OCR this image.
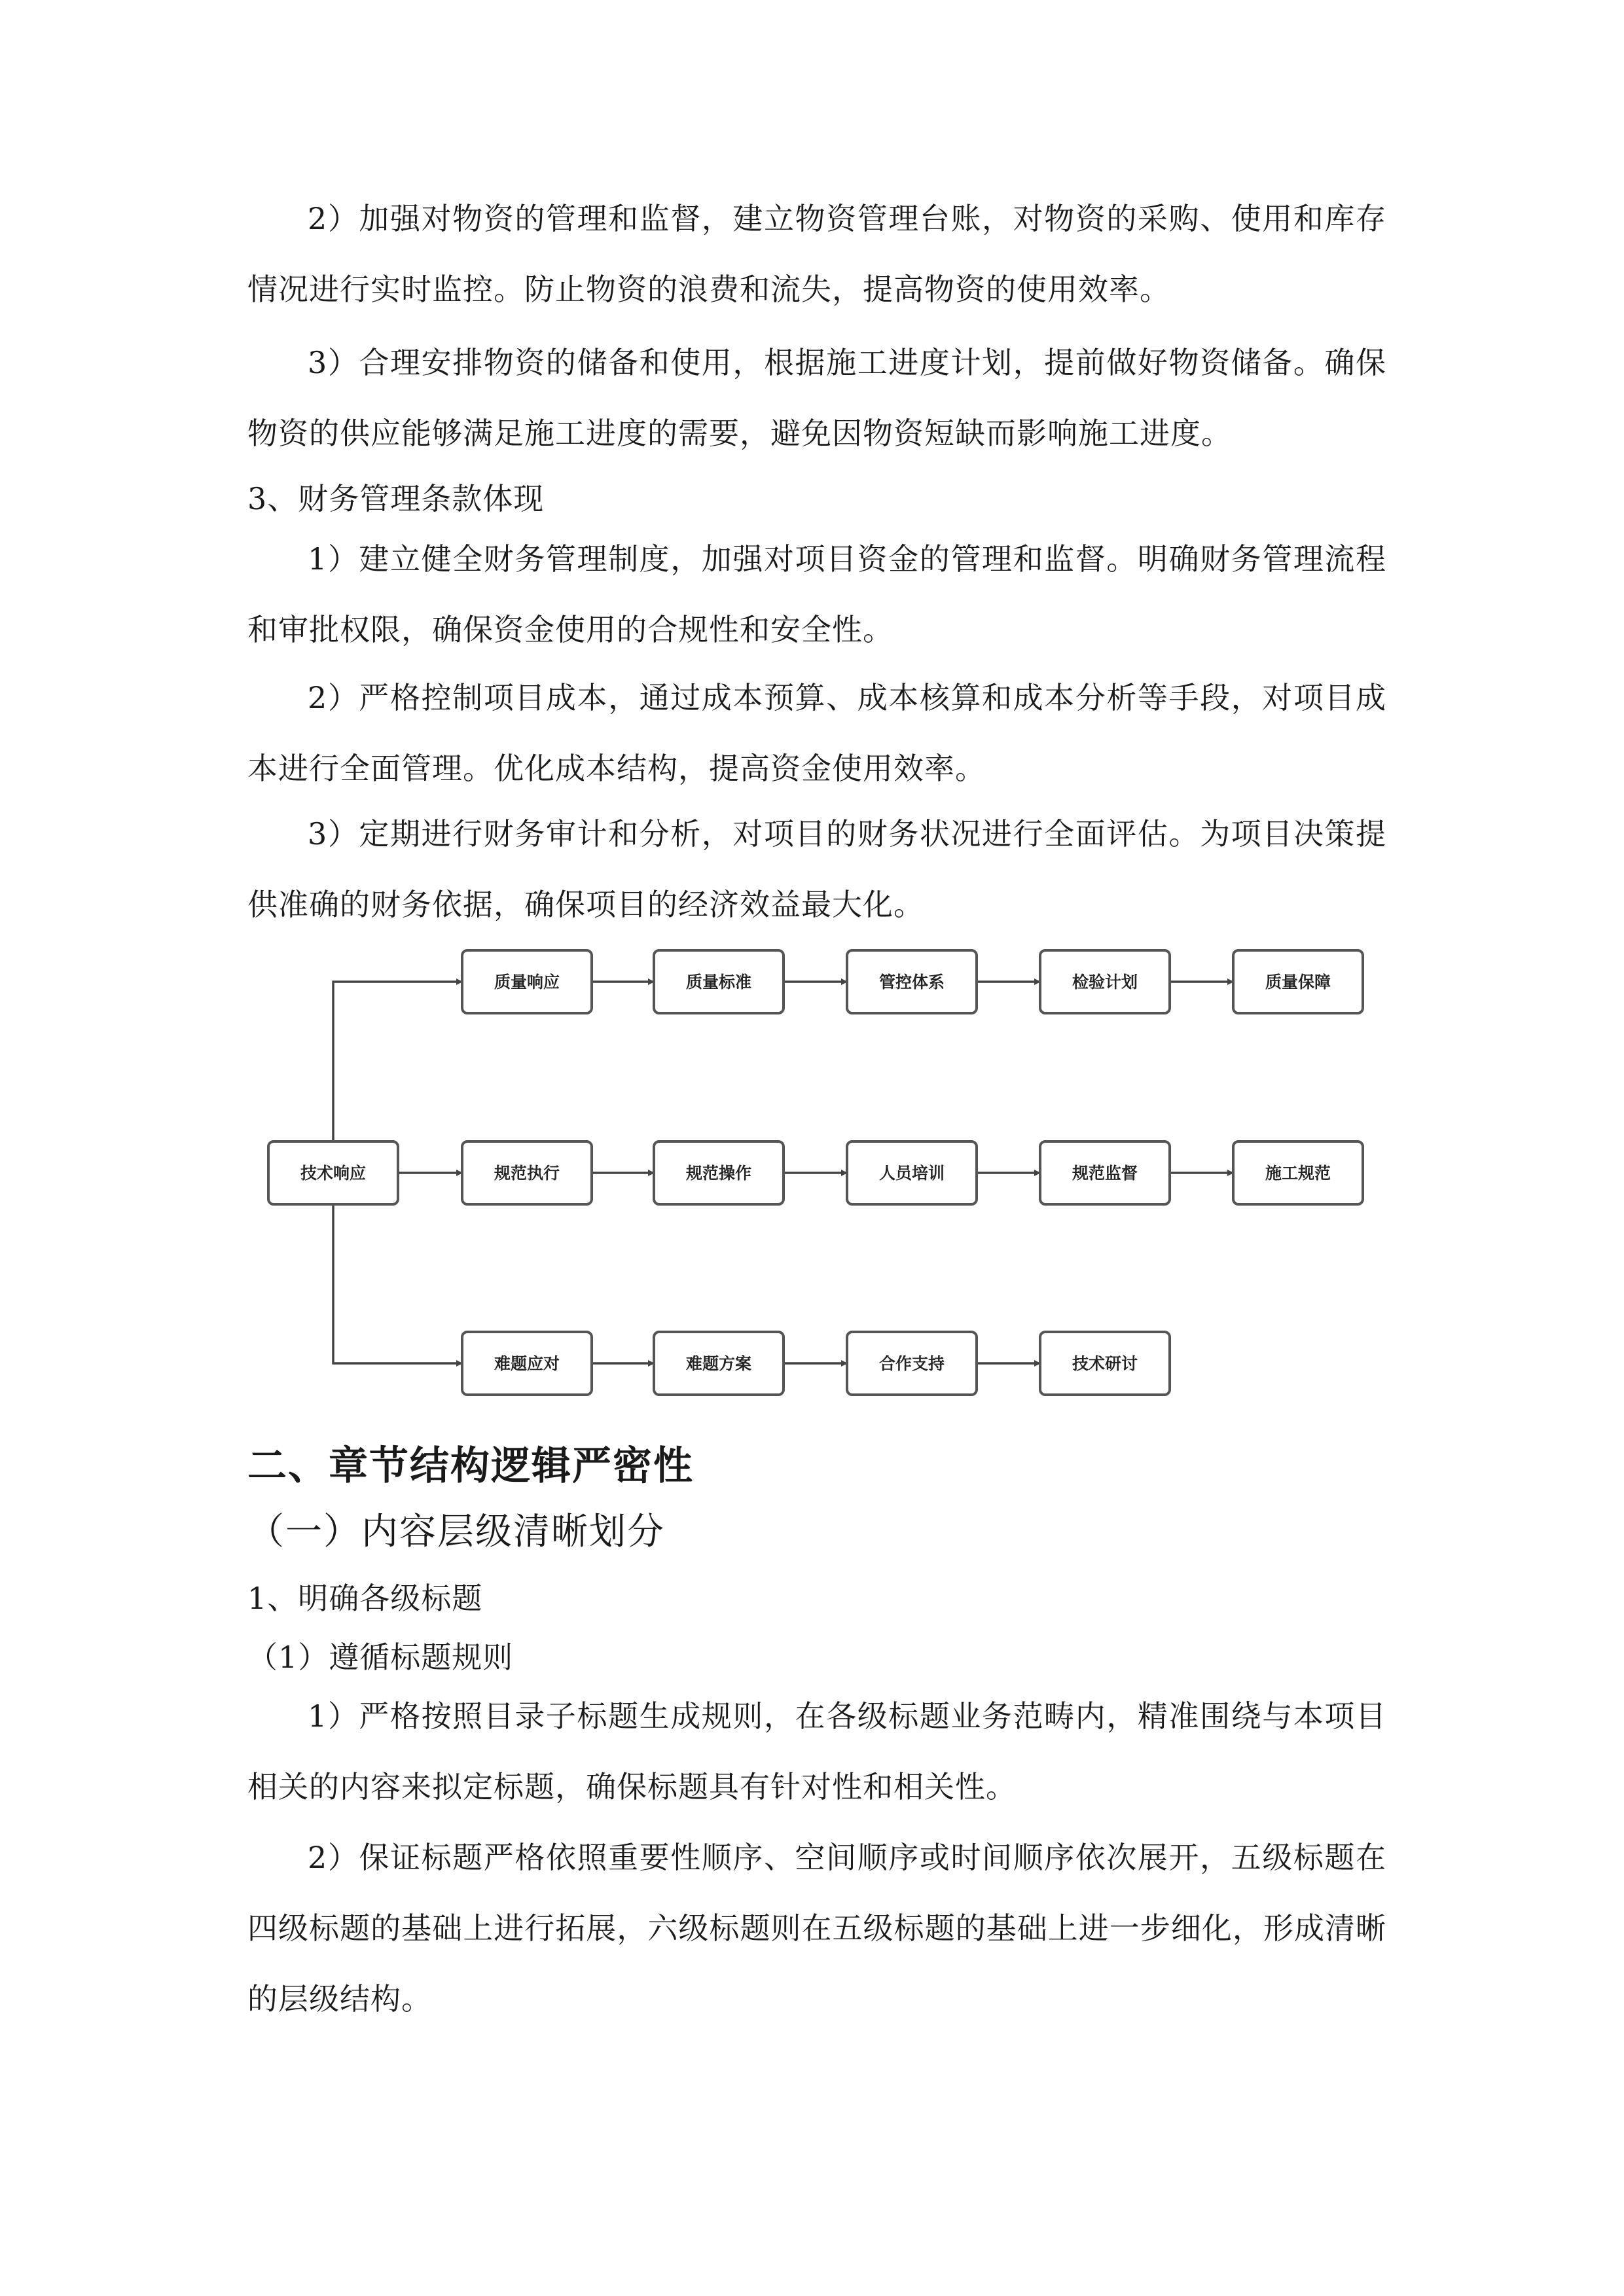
2）加强对物资的管理和监督，建立物资管理台账，对物资的采购、使用和库存情况进行实时监控。防止物资的浪费和流失，提高物资的使用效率。

3）合理安排物资的储备和使用，根据施工进度计划，提前做好物资储备。确保物资的供应能够满足施工进度的需要，避免因物资短缺而影响施工进度。

3、财务管理条款体现

1）建立健全财务管理制度，加强对项目资金的管理和监督。明确财务管理流程和审批权限，确保资金使用的合规性和安全性。

2）严格控制项目成本，通过成本预算、成本核算和成本分析等手段，对项目成本进行全面管理。优化成本结构，提高资金使用效率。

3）定期进行财务审计和分析，对项目的财务状况进行全面评估。为项目决策提供准确的财务依据，确保项目的经济效益最大化。

技术响应
质量响应	质量标准	管控体系	检验计划	质量保障
规范执行	规范操作	人员培训	规范监督	施工规范
难题应对	难题方案	合作支持	技术研讨
二、章节结构逻辑严密性
（一）内容层级清晰划分
1、明确各级标题
（1）遵循标题规则

1）严格按照目录子标题生成规则，在各级标题业务范畴内，精准围绕与本项目相关的内容来拟定标题，确保标题具有针对性和相关性。

2）保证标题严格依照重要性顺序、空间顺序或时间顺序依次展开，五级标题在四级标题的基础上进行拓展，六级标题则在五级标题的基础上进一步细化，形成清晰的层级结构。
